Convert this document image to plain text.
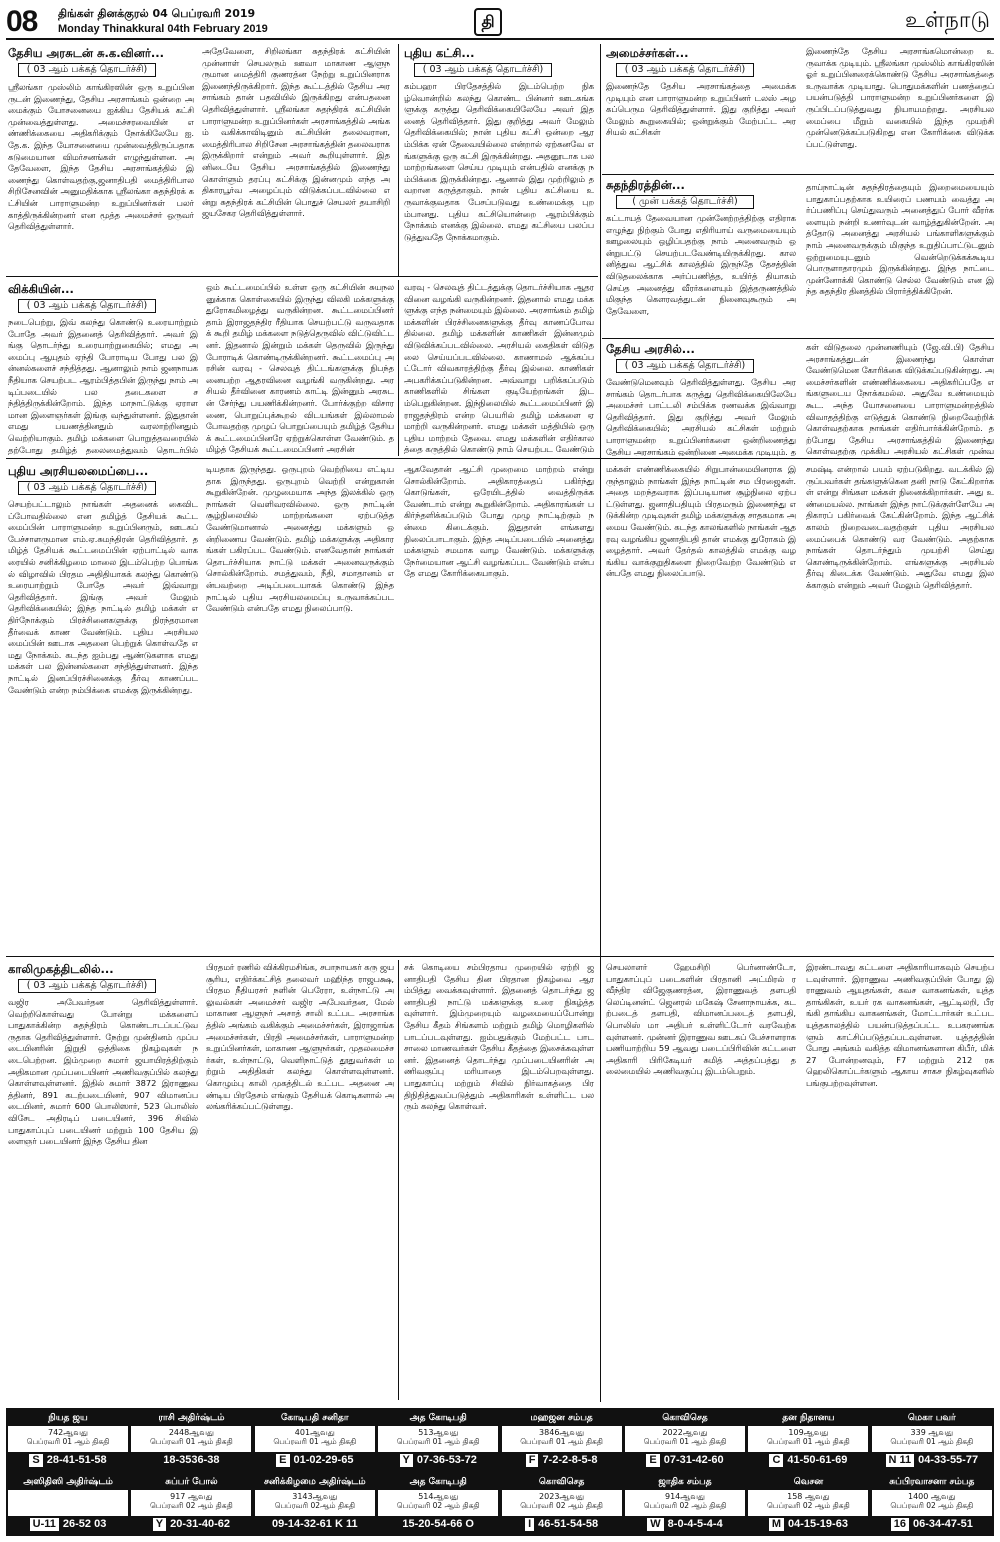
08 திங்கள் தினக்குரல் 04 பெப்ரவரி 2019
Monday Thinakkural 04th February 2019	தி	உள்நாடு
தேசிய அரசுடன் சு.க.வினர்...
( 03 ஆம் பக்கத் தொடர்ச்சி)
ஸ்ரீலங்கா முஸ்லிம் காங்கிரஸின் ஒரு உறுப்பினருடன் இணைந்து, தேசிய அரசாங்கம் ஒன்றை அமைக்கும் யோசனையை ஐக்கிய தேசியக் கட்சி முன்வைத்துள்ளது. அமைச்சரவையின் எண்ணிக்கையை அதிகரிக்கும் நோக்கிலேயே ஐ.தே.க. இந்த யோசனையை முன்வைத்திருப்பதாக கடுமையான விமர்சனங்கள் எழுந்துள்ளன. அதேவேளை, இந்த தேசிய அரசாங்கத்தில் இணைந்து கொள்வதற்கு,ஜனாதிபதி மைத்திரிபால சிறிசேனவின் அனுமதிக்காக ஸ்ரீலங்கா சுதந்திரக் கட்சியின் பாராளுமன்ற உறுப்பினர்கள் பலர் காத்திருக்கின்றனர் என மூத்த அமைச்சர் ஒருவர் தெரிவித்துள்ளார்.
அதேவேளை, சிறிலங்கா சுதந்திரக் கட்சியின் முன்னாள் செயலரும் ஊவா மாகாண ஆளுநருமான மைத்திரி குணரத்ன நேற்று உறுப்பினராக இணைந்திருக்கிறார். இந்த கூட்டத்தில் தேசிய அரசாங்கம் தான் பதவியில் இருக்கிறது என்பதனை தெரிவித்துள்ளார். ஸ்ரீலங்கா சுதந்திரக் கட்சியின் பாராளுமன்ற உறுப்பினர்கள் அரசாங்கத்தில் அங்கம் வகிக்காவிடினும் கட்சியின் தலைவரான, மைத்திரிபால சிறிசேன அரசாங்கத்தின் தலைவராக இருக்கிறார் என்றும் அவர் கூறியுள்ளார். இதனிடையே தேசிய அரசாங்கத்தில் இணைந்து கொள்ளும் தரப்பு கட்சிக்கு இன்னமும் எந்த அதிகாரபூர்வ அழைப்பும் விடுக்கப்படவில்லை என்று சுதந்திரக் கட்சியின் பொதுச் செயலர் தயாசிறி ஜயசேகர தெரிவித்துள்ளார்.
புதிய கட்சி...
( 03 ஆம் பக்கத் தொடர்ச்சி)
கம்பஹா பிரதேசத்தில் இடம்பெற்ற நிகழ்வொன்றில் கலந்து கொண்ட பின்னர் ஊடகங்களுக்கு கருத்து தெரிவிக்கையிலேயே அவர் இதனைத் தெரிவித்தார். இது குறித்து அவர் மேலும் தெரிவிக்கையில்; நான் புதிய கட்சி ஒன்றை ஆரம்பிக்க ஏன் தேவையில்லை என்றால் ஏற்கனவே எங்களுக்கு ஒரு கட்சி இருக்கின்றது. அதனூடாக பல மாற்றங்களை செய்ய முடியும் என்பதில் எனக்கு நம்பிக்கை இருக்கின்றது. ஆனால் இது முற்றிலும் தவறான கருத்தாகும். நான் புதிய கட்சியை உருவாக்குவதாக பேசப்படுவது உண்மைக்கு புறம்பானது. புதிய கட்சியொன்றை ஆரம்பிக்கும் நோக்கம் எனக்கு இல்லை. எமது கட்சியை பலப்படுத்துவதே நோக்கமாகும்.
அமைச்சர்கள்...
( 03 ஆம் பக்கத் தொடர்ச்சி)
இணைந்தே தேசிய அரசாங்கத்தை அமைக்க முடியும் என பாராளுமன்ற உறுப்பினர் டலஸ் அழகப்பெரும தெரிவித்துள்ளார். இது குறித்து அவர் மேலும் கூறுகையில்; ஒன்றுக்கும் மேற்பட்ட அரசியல் கட்சிகள்
இணைந்தே தேசிய அரசாங்கமொன்றை உருவாக்க முடியும். ஸ்ரீலங்கா முஸ்லிம் காங்கிரஸின் ஓர் உறுப்பினரைக்கொண்டு தேசிய அரசாங்கத்தை உருவாக்க முடியாது. பொதுமக்களின் பணத்தைப் பயன்படுத்தி பாராளுமன்ற உறுப்பினர்களை இருப்பிடப்படுத்துவது நியாயமற்றது. அரசியலமைப்பை மீறும் வகையில் இந்த முயற்சி முன்னெடுக்கப்படுகிறது என கோரிக்கை விடுக்கப்பட்டுள்ளது.
சுதந்திரத்தின்...
( முன் பக்கத் தொடர்ச்சி)
கட்டாயத் தேவையான முன்னேற்றத்திற்கு எதிராக எழுந்து நிற்கும் போது எதிரியாய் வருமையையும் ஊழலையும் ஒழிப்பதற்கு நாம் அனைவரும் ஒன்றுபட்டு செயற்படவேண்டியிருக்கிறது. காலனித்துவ ஆட்சிக் காலத்தில் இருந்தே தேசத்தின் விடுதலைக்காக அர்ப்பணித்த, உயிர்த் தியாகம் செய்த அனைத்து வீரர்களையும் இத்தருணத்தில் மிகுந்த கௌரவத்துடன் நினைவுகூரும் அதேவேளை,
தாய்நாட்டின் சுதந்திரத்தையும் இறைமையையும் பாதுகாப்பதற்காக உயிரைப் பணயம் வைத்து அர்ப்பணிப்பு செய்துவரும் அனைத்துப் போர் வீரர்களையும் நன்றி உணர்வுடன் வாழ்த்துகின்றேன். அத்தோடு அனைத்து அரசியல் பங்காளிகளுக்கும் நாம் அனைவருக்கும் மிகுந்த உறுதிப்பாட்டுடனும் ஒற்றுமையுடனும் வென்றெடுக்கக்கூடிய பொருளாதாரமும் இருக்கின்றது. இந்த நாட்டை முன்னோக்கி கொண்டு செல்ல வேண்டும் என இந்த சுதந்திர தினத்தில் பிரார்த்திக்கிறேன்.
விக்கியின்...
( 03 ஆம் பக்கத் தொடர்ச்சி)
நடைபெற்று, இவ் கலந்து கொண்டு உரையாற்றும் போதே அவர் இதனைத் தெரிவித்தார். அவர் இங்கு தொடர்ந்து உரையாற்றுகையில்; எமது அமைப்பு ஆயுதம் ஏந்தி போராடிய போது பல இன்னல்களைச் சந்தித்தது. ஆனாலும் நாம் ஜனநாயக நீதியாக செயற்பட ஆரம்பித்தபின் இருந்து நாம் அடிப்படையில் பல தடைகளை சந்தித்திருக்கின்றோம். இந்த மாநாட்டுக்கு ஏராளமான இளைஞர்கள் இங்கு வந்துள்ளனர். இதுதான் எமது பயணத்தினதும் வரலாற்றினதும் வெற்றியாகும். தமிழ் மக்களை பொறுத்தவரையில் தற்போது தமிழ்த் தலைமைத்துவம் தொடர்பில்
ஒம் கூட்டமைப்பில் உள்ள ஒரு கட்சியின் சுயநலனுக்காக கொள்கையில் இருந்து விலகி மக்களுக்கு துரோகமிழைத்து வருகின்றன. கூட்டமைப்பினர் தாம் இராஜதந்திர ரீதியாக செயற்பட்டு வருவதாகக் கூறி தமிழ் மக்களை நடுத்தெருவில் விட்டுவிட்டனர். இதனால் இன்றும் மக்கள் தெருவில் இருந்து போராடிக் கொண்டிருக்கின்றனர். கூட்டமைப்பு அரசின் வரவு - செலவுத் திட்டங்களுக்கு நிபந்தனையற்ற ஆதரவினை வழங்கி வருகின்றது. அரசியல் தீர்வினை காரணம் காட்டி இன்னும் அரசுடன் சேர்ந்து பயணிக்கின்றனர். போர்க்குற்ற விசாரணை, பொறுப்புக்கூறல் விடயங்கள் இல்லாமல் போவதற்கு முழுப் பொறுப்பையும் தமிழ்த் தேசியக் கூட்டமைப்பினரே ஏற்றுக்கொள்ள வேண்டும். தமிழ்த் தேசியக் கூட்டமைப்பினர் அரசின்
வரவு - செலவுத் திட்டத்துக்கு தொடர்ச்சியாக ஆதரவினை வழங்கி வருகின்றனர். இதனால் எமது மக்களுக்கு எந்த நன்மையும் இல்லை. அரசாங்கம் தமிழ் மக்களின் பிரச்சினைகளுக்கு தீர்வு காணப்போவதில்லை. தமிழ் மக்களின் காணிகள் இன்னமும் விடுவிக்கப்படவில்லை. அரசியல் கைதிகள் விடுதலை செய்யப்படவில்லை. காணாமல் ஆக்கப்பட்டோர் விவகாரத்திற்கு தீர்வு இல்லை. காணிகள் அபகரிக்கப்படுகின்றன. அவ்வாறு பறிக்கப்படும் காணிகளில் சிங்கள குடியேற்றங்கள் இடம்பெறுகின்றன. இந்நிலையில் கூட்டமைப்பினர் இராஜதந்திரம் என்ற பெயரில் தமிழ் மக்களை ஏமாற்றி வருகின்றனர். எமது மக்கள் மத்தியில் ஒரு புதிய மாற்றம் தேவை. எமது மக்களின் எதிர்காலத்தை கருத்தில் கொண்டு நாம் செயற்பட வேண்டும்
தேசிய அரசில்...
( 03 ஆம் பக்கத் தொடர்ச்சி)
வேண்டுமெனவும் தெரிவித்துள்ளது. தேசிய அரசாங்கம் தொடர்பாக கருத்து தெரிவிக்கையிலேயே அமைச்சர் பாட்டலி சம்பிக்க ரணவக்க இவ்வாறு தெரிவித்தார். இது குறித்து அவர் மேலும் தெரிவிக்கையில்; அரசியல் கட்சிகள் மற்றும் பாராளுமன்ற உறுப்பினர்களை ஒன்றிணைத்து தேசிய அரசாங்கம் ஒன்றினை அமைக்க முடியும். த
கள் விடுதலை முன்னணியும் (ஜே.வி.பி) தேசிய அரசாங்கத்துடன் இணைந்து கொள்ள வேண்டுமென கோரிக்கை விடுக்கப்படுகின்றது. அமைச்சர்களின் எண்ணிக்கையை அதிகரிப்பதே எங்களுடைய நோக்கமல்ல. அதுவே உண்மையும் கூட. அந்த யோசனையை பாராளுமன்றத்தில் விவாதத்திற்கு எடுத்துக் கொண்டு நிறைவேற்றிக் கொள்வதற்காக நாங்கள் எதிர்பார்க்கின்றோம். தற்போது தேசிய அரசாங்கத்தில் இணைந்து கொள்வதற்கு முக்கிய அரசியல் கட்சிகள் முன்வ
புதிய அரசியலமைப்பை...
( 03 ஆம் பக்கத் தொடர்ச்சி)
செயற்பட்டாலும் நாங்கள் அதனைக் கைவிடப்போவதில்லை என தமிழ்த் தேசியக் கூட்டமைப்பின் பாராளுமன்ற உறுப்பினரும், ஊடகப் பேச்சாளருமான எம்.ஏ.சுமந்திரன் தெரிவித்தார். தமிழ்த் தேசியக் கூட்டமைப்பின் ஏற்பாட்டில் வாகரையில் சனிக்கிழமை மாலை இடம்பெற்ற பொங்கல் விழாவில் பிரதம அதிதியாகக் கலந்து கொண்டு உரையாற்றும் போதே அவர் இவ்வாறு தெரிவித்தார். இங்கு அவர் மேலும் தெரிவிக்கையில்; இந்த நாட்டில் தமிழ் மக்கள் எதிர்நோக்கும் பிரச்சினைகளுக்கு நிரந்தரமான தீர்வைக் காண வேண்டும். புதிய அரசியலமைப்பின் ஊடாக அதனை பெற்றுக் கொள்வதே எமது நோக்கம். கடந்த ஐம்பது ஆண்டுகளாக எமது மக்கள் பல இன்னல்களை சந்தித்துள்ளனர். இந்த நாட்டில் இனப்பிரச்சினைக்கு தீர்வு காணப்பட வேண்டும் என்ற நம்பிக்கை எமக்கு இருக்கின்றது.
டியதாக இருந்தது. ஒருபுறம் வெற்றியை எட்டியதாக இருந்தது. ஒருபுறம் வெற்றி என்றுகான் கூறுகின்றேன். முழுமையாக அந்த இலக்கில் ஒரு நாங்கள் வெளிவரவில்லை. ஒரு நாட்டின் சூழ்நிலையில் மாற்றங்களை ஏற்படுத்த வேண்டுமானால் அனைத்து மக்களும் ஒன்றிணைய வேண்டும். தமிழ் மக்களுக்கு அதிகாரங்கள் பகிரப்பட வேண்டும். எனவேதான் நாங்கள் தொடர்ச்சியாக நாட்டு மக்கள் அனைவருக்கும் சொல்கின்றோம். சமத்துவம், நீதி, சமாதானம் என்பவற்றை அடிப்படையாகக் கொண்டு இந்த நாட்டில் புதிய அரசியலமைப்பு உருவாக்கப்பட வேண்டும் என்பதே எமது நிலைப்பாடு.
ஆகவேதான் ஆட்சி முறைமை மாற்றம் என்று சொல்கின்றோம். அதிகாரத்தைப் பகிர்ந்து கொடுங்கள், ஒரேயிடத்தில் வைத்திருக்க வேண்டாம் என்று கூறுகின்றோம். அதிகாரங்கள் பகிர்ந்தளிக்கப்படும் போது முழு நாட்டிற்கும் நன்மை கிடைக்கும். இதுதான் எங்களது நிலைப்பாடாகும். இந்த அடிப்படையில் அனைத்து மக்களும் சமமாக வாழ வேண்டும். மக்களுக்கு நேர்மையான ஆட்சி வழங்கப்பட வேண்டும் என்பதே எமது கோரிக்கையாகும்.
மக்கள் எண்ணிக்கையில் சிறுபான்மையினராக இருந்தாலும் நாங்கள் இந்த நாட்டின் சம பிரஜைகள். அதை மறந்தவராக இப்படியான சூழ்நிலை ஏற்பட்டுள்ளது. ஜனாதிபதியும் பிரதமரும் இணைந்து எடுக்கின்ற முடிவுகள் தமிழ் மக்களுக்கு சாதகமாக அமைய வேண்டும். கடந்த காலங்களில் நாங்கள் ஆதரவு வழங்கிய ஜனாதிபதி தான் எமக்கு துரோகம் இழைத்தார். அவர் தேர்தல் காலத்தில் எமக்கு வழங்கிய வாக்குறுதிகளை நிறைவேற்ற வேண்டும் என்பதே எமது நிலைப்பாடு.
சமஷ்டி என்றால் பயம் ஏற்படுகிறது. வடக்கில் இருப்பவர்கள் தங்களுக்கென தனி நாடு கேட்கிறார்கள் என்று சிங்கள மக்கள் நினைக்கிறார்கள். அது உண்மையல்ல. நாங்கள் இந்த நாட்டுக்குள்ளேயே அதிகாரப் பகிர்வைக் கேட்கின்றோம். இந்த ஆட்சிக் காலம் நிறைவடைவதற்குள் புதிய அரசியலமைப்பைக் கொண்டு வர வேண்டும். அதற்காக நாங்கள் தொடர்ந்தும் முயற்சி செய்து கொண்டிருக்கின்றோம். எங்களுக்கு அரசியல் தீர்வு கிடைக்க வேண்டும். அதுவே எமது இலக்காகும் என்றும் அவர் மேலும் தெரிவித்தார்.
காலிமுகத்திடலில்...
( 03 ஆம் பக்கத் தொடர்ச்சி)
வஜிர அபேவர்தன தெரிவித்துள்ளார். வெற்றிகொள்வது போன்று மக்களைப் பாதுகாக்கின்ற சுதந்திரம் கொண்டாடப்பட்டுவருதாக தெரிவித்துள்ளார். நேற்று முன்தினம் முப்படையினரின் இறுதி ஒத்திகை நிகழ்வுகள் நடைபெற்றன. இம்முறை சுமார் ஜயாயிரத்திற்கும் அதிகமான முப்படையினர் அணிவகுப்பில் கலந்து கொள்ளவுள்ளனர். இதில் சுமார் 3872 இராணுவத்தினர், 891 கடற்படையினர், 907 விமானப்படையினர், சுமார் 600 பொலிஸார், 523 பொலிஸ் விசேட அதிரடிப் படையினர், 396 சிவில் பாதுகாப்புப் படையினர் மற்றும் 100 தேசிய இளைஞர் படையினர் இந்த தேசிய தின
பிரதமர் ரணில் விக்கிரமசிங்க, சபாநாயகர் கரு ஜயசூரிய, எதிர்க்கட்சித் தலைவர் மஹிந்த ராஜபக்ஷ, பிரதம நீதியரசர் நளின் பெரேரா, உள்நாட்டு அலுவல்கள் அமைச்சர் வஜிர அபேவர்தன, மேல் மாகாண ஆளுநர் அசாத் சாலி உட்பட அரசாங்கத்தில் அங்கம் வகிக்கும் அமைச்சர்கள், இராஜாங்க அமைச்சர்கள், பிரதி அமைச்சர்கள், பாராளுமன்ற உறுப்பினர்கள், மாகாண ஆளுநர்கள், முதலமைச்சர்கள், உள்நாட்டு, வெளிநாட்டுத் தூதுவர்கள் மற்றும் அதிதிகள் கலந்து கொள்ளவுள்ளனர். கொழும்பு காலி முகத்திடல் உட்பட அதனை அண்டிய பிரதேசம் எங்கும் தேசியக் கொடிகளால் அலங்கரிக்கப்பட்டுள்ளது.
சக் கொடியை சம்பிரதாய முறையில் ஏற்றி ஜனாதிபதி தேசிய தின பிரதான நிகழ்வை ஆரம்பித்து வைக்கவுள்ளார். இதனைத் தொடர்ந்து ஜனாதிபதி நாட்டு மக்களுக்கு உரை நிகழ்த்தவுள்ளார். இம்முறையும் வழமையைப்போன்று தேசிய கீதம் சிங்களம் மற்றும் தமிழ் மொழிகளில் பாடப்படவுள்ளது. ஐம்பதுக்கும் மேற்பட்ட பாடசாலை மாணவர்கள் தேசிய கீதத்தை இசைக்கவுள்ளனர். இதனைத் தொடர்ந்து முப்படையினரின் அணிவகுப்பு மரியாதை இடம்பெறவுள்ளது. பாதுகாப்பு மற்றும் சிவில் நிர்வாகத்தை பிரதிநிதித்துவப்படுத்தும் அதிகாரிகள் உள்ளிட்ட பலரும் கலந்து கொள்வர்.
செயலாளர் ஹேமசிறி பெர்னாண்டோ, பாதுகாப்புப் படைகளின் பிரதானி அட்மிரல் ரவீந்திர விஜேகுணரத்ன, இராணுவத் தளபதி லெப்டினன்ட் ஜெனரல் மகேஷ் சேனாநாயக்க, கடற்படைத் தளபதி, விமானப்படைத் தளபதி, பொலிஸ் மா அதிபர் உள்ளிட்டோர் வரவேற்கவுள்ளனர். முன்னர் இராணுவ ஊடகப் பேச்சாளராக பணியாற்றிய 59 ஆவது படைப்பிரிவின் கட்டளை அதிகாரி பிரிகேடியர் சுமித் அத்தப்பத்து தலைமையில் அணிவகுப்பு இடம்பெறும்.
இரண்டாவது கட்டளை அதிகாரியாகவும் செயற்படவுள்ளார். இராணுவ அணிவகுப்பின் போது இராணுவம் ஆயுதங்கள், கவச வாகனங்கள், யுத்த தாங்கிகள், உயர் ரக வாகனங்கள், ஆட்டிலறி, பீரங்கி தாங்கிய வாகனங்கள், மோட்டார்கள் உட்பட யுத்தகாலத்தில் பயன்படுத்தப்பட்ட உபகரணங்களும் காட்சிப்படுத்தப்படவுள்ளன. யுத்தத்தின் போது அங்கம் வகித்த விமானங்களான கிபீர், மிக் 27 போன்றனவும், F7 மற்றும் 212 ரக ஹெலிகொப்டர்களும் ஆகாய சாகச நிகழ்வுகளில் பங்குபற்றவுள்ளன.
நியத ஜய
742ஆவது
பெப்ரவரி 01 ஆம் திகதி
S 28-41-51-58
ராசி அதிர்ஷ்டம்
2448ஆவது
பெப்ரவரி 01 ஆம் திகதி
18-3536-38
கோடிபதி சனிதா
401ஆவது
பெப்ரவரி 01 ஆம் திகதி
E 01-02-29-65
அத கோடிபதி
513ஆவது
பெப்ரவரி 01 ஆம் திகதி
Y 07-36-53-72
மஹஜன சம்பத
3846ஆவது
பெப்ரவரி 01 ஆம் திகதி
F 7-2-2-8-5-8
கொவிசெத
2022ஆவது
பெப்ரவரி 01 ஆம் திகதி
E 07-31-42-60
தன நிதானய
109ஆவது
பெப்ரவரி 01 ஆம் திகதி
C 41-50-61-69
மெகா பவர்
339 ஆவது
பெப்ரவரி 01 ஆம் திகதி
N 11 04-33-55-77
அஸிதிஸி அதிர்ஷ்டம்
U-11 26-52 03
சுப்பர் போல்
917 ஆவது
பெப்ரவரி 02 ஆம் திகதி
Y 20-31-40-62
சனிக்கிழமை அதிர்ஷ்டம்
3143ஆவது
பெப்ரவரி 02ஆம் திகதி
09-14-32-61 K 11
அத கோடிபதி
514ஆவது
பெப்ரவரி 02 ஆம் திகதி
15-20-54-66 O
கொவிசெத
2023ஆவது
பெப்ரவரி 02 ஆம் திகதி
I 46-51-54-58
ஜாதிக சம்பத
914ஆவது
பெப்ரவரி 02 ஆம் திகதி
W 8-0-4-5-4-4
வெசன
158 ஆவது
பெப்ரவரி 02 ஆம் திகதி
M 04-15-19-63
சுப்பிரவாசனா சம்பத
1400 ஆவது
பெப்ரவரி 02 ஆம் திகதி
16 06-34-47-51
